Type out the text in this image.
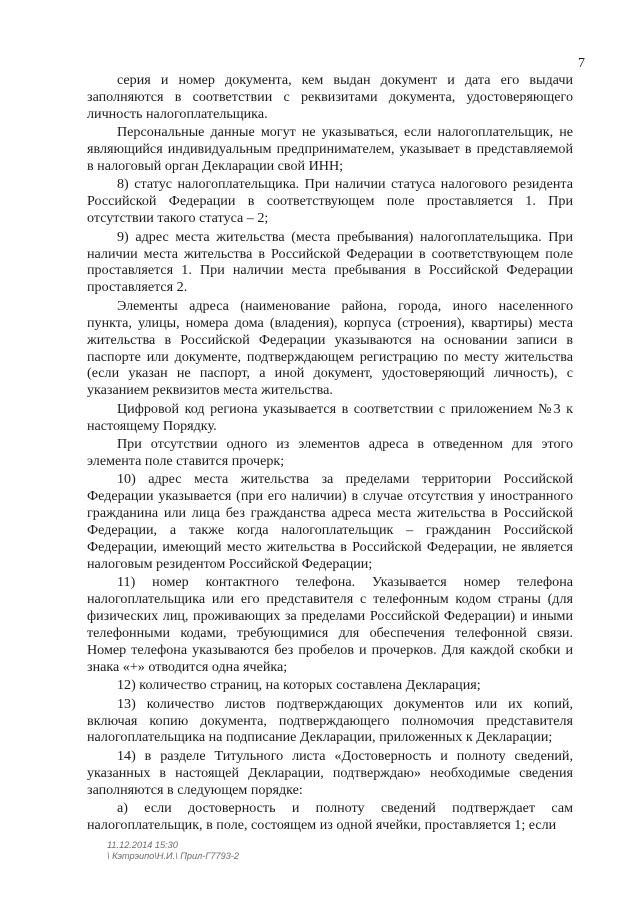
7

серия и номер документа, кем выдан документ и дата его выдачи заполняются в соответствии с реквизитами документа, удостоверяющего личность налогоплательщика.

Персональные данные могут не указываться, если налогоплательщик, не являющийся индивидуальным предпринимателем, указывает в представляемой в налоговый орган Декларации свой ИНН;

8) статус налогоплательщика. При наличии статуса налогового резидента Российской Федерации в соответствующем поле проставляется 1. При отсутствии такого статуса – 2;

9) адрес места жительства (места пребывания) налогоплательщика. При наличии места жительства в Российской Федерации в соответствующем поле проставляется 1. При наличии места пребывания в Российской Федерации проставляется 2.

Элементы адреса (наименование района, города, иного населенного пункта, улицы, номера дома (владения), корпуса (строения), квартиры) места жительства в Российской Федерации указываются на основании записи в паспорте или документе, подтверждающем регистрацию по месту жительства (если указан не паспорт, а иной документ, удостоверяющий личность), с указанием реквизитов места жительства.

Цифровой код региона указывается в соответствии с приложением №3 к настоящему Порядку.

При отсутствии одного из элементов адреса в отведенном для этого элемента поле ставится прочерк;

10) адрес места жительства за пределами территории Российской Федерации указывается (при его наличии) в случае отсутствия у иностранного гражданина или лица без гражданства адреса места жительства в Российской Федерации, а также когда налогоплательщик – гражданин Российской Федерации, имеющий место жительства в Российской Федерации, не является налоговым резидентом Российской Федерации;

11) номер контактного телефона. Указывается номер телефона налогоплательщика или его представителя с телефонным кодом страны (для физических лиц, проживающих за пределами Российской Федерации) и иными телефонными кодами, требующимися для обеспечения телефонной связи. Номер телефона указываются без пробелов и прочерков. Для каждой скобки и знака «+» отводится одна ячейка;

12) количество страниц, на которых составлена Декларация;

13) количество листов подтверждающих документов или их копий, включая копию документа, подтверждающего полномочия представителя налогоплательщика на подписание Декларации, приложенных к Декларации;

14) в разделе Титульного листа «Достоверность и полноту сведений, указанных в настоящей Декларации, подтверждаю» необходимые сведения заполняются в следующем порядке:

а) если достоверность и полноту сведений подтверждает сам налогоплательщик, в поле, состоящем из одной ячейки, проставляется 1; если

11.12.2014 15:30
\ Кэтрэипо\Н.И.\ Прил-Г7793-2
